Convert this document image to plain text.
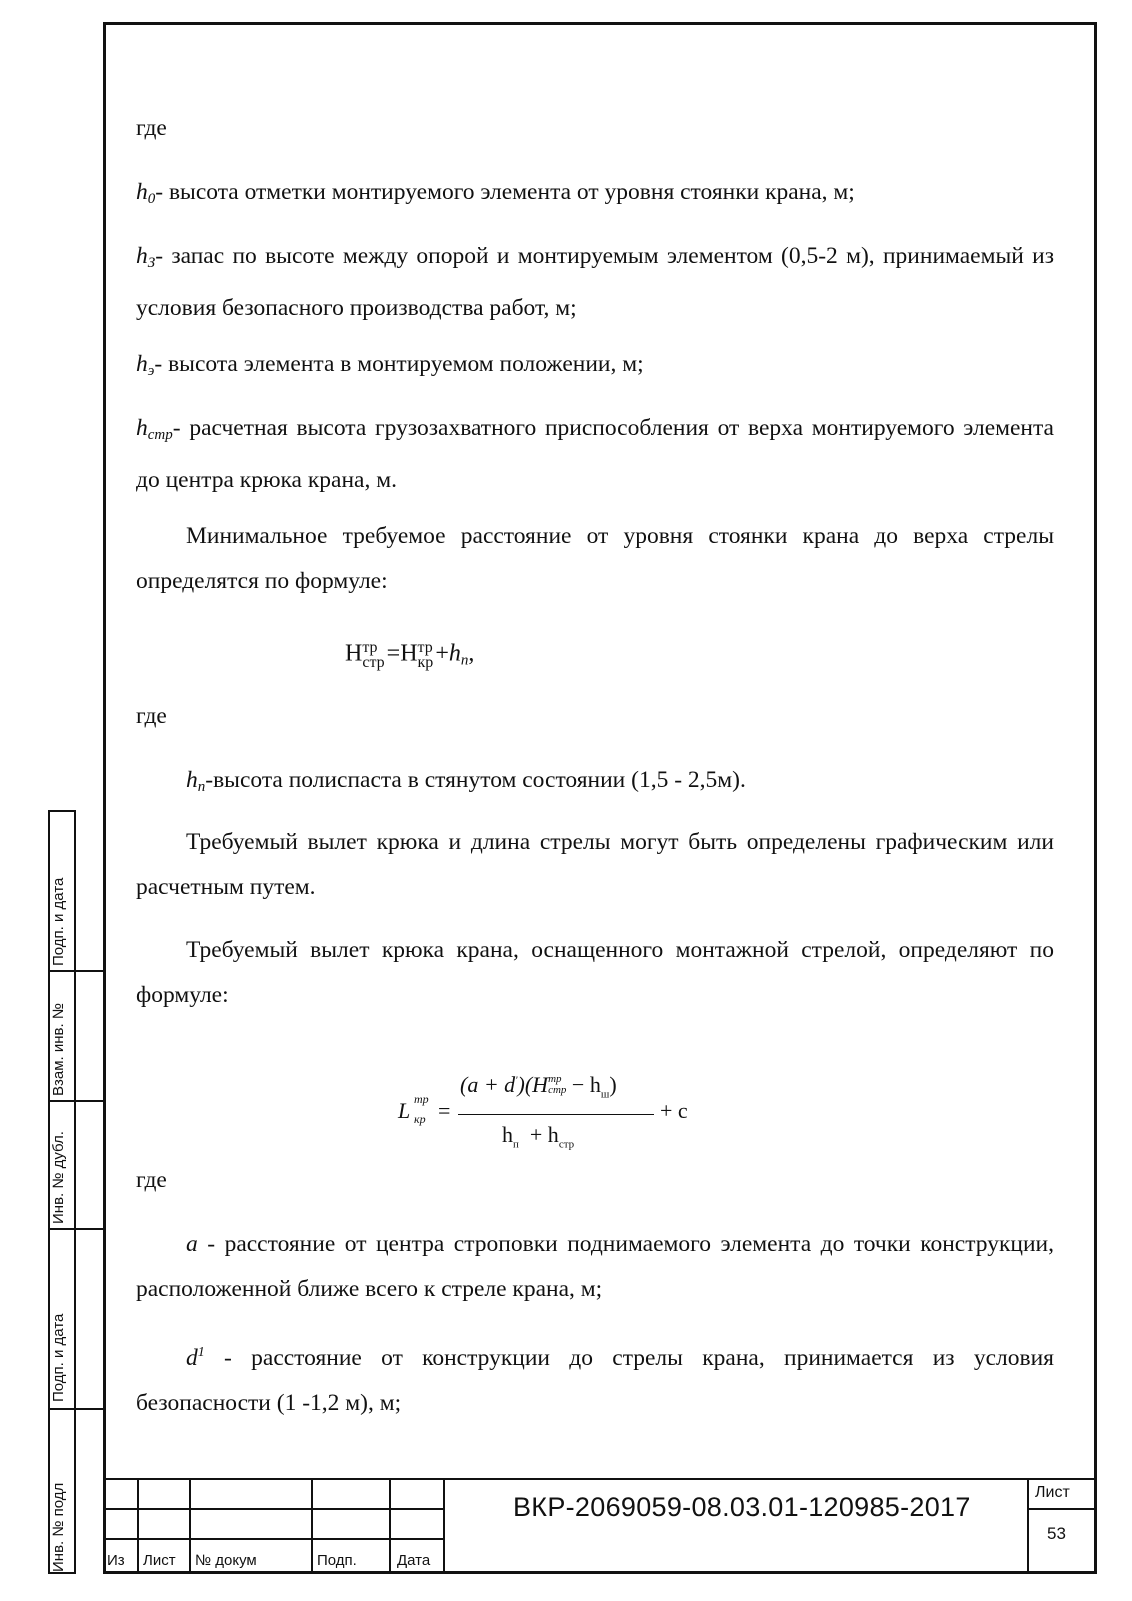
где

$h_0-$ высота отметки монтируемого элемента от уровня стоянки крана, м;

$h_З-$ запас по высоте между опорой и монтируемым элементом (0,5-2 м), принимаемый из условия безопасного производства работ, м;

$h_э-$ высота элемента в монтируемом положении, м;

$h_{стр}-$ расчетная высота грузозахватного приспособления от верха монтируемого элемента до центра крюка крана, м.

Минимальное требуемое расстояние от уровня стоянки крана до верха стрелы определятся по формуле:

Н тр
стр =Н тр
кр $+h_п$,

где

$h_п$-высота полиспаста в стянутом состоянии (1,5 - 2,5м).

Требуемый вылет крюка и длина стрелы могут быть определены графическим или расчетным путем.

Требуемый вылет крюка крана, оснащенного монтажной стрелой, определяют по формуле:

L тр
кр =
(a + d')(H тр
стр − $h_ш$)
$h_п + h_{стр}$
+ c

где

a - расстояние от центра строповки поднимаемого элемента до точки конструкции, расположенной ближе всего к стреле крана, м;

$d^1$ - расстояние от конструкции до стрелы крана, принимается из условия безопасности (1 -1,2 м), м;

Инв. № подл
Подп. и дата
Инв. № дубл.
Взам. инв. №
Подп. и дата
Из Лист № докум	Подп.	Дата
ВКР-2069059-08.03.01-120985-2017	Лист
53
